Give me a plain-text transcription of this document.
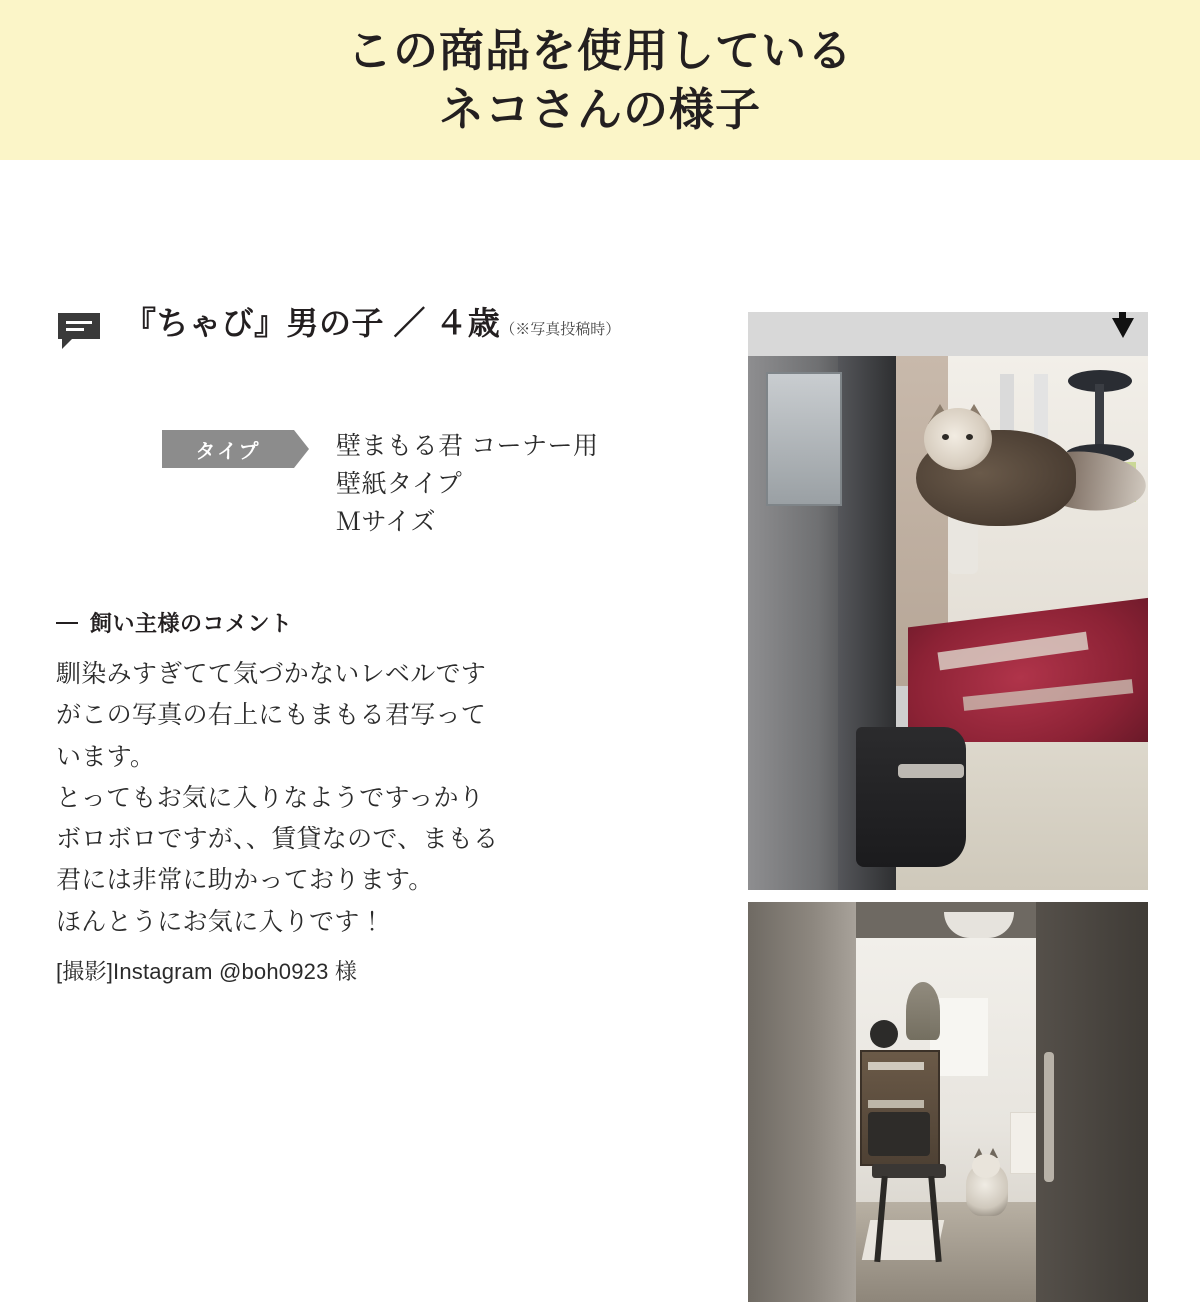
この商品を使用している
ネコさんの様子
『ちゃび』男の子 ／ ４歳（※写真投稿時）
タイプ	壁まもる君 コーナー用
壁紙タイプ
Ｍサイズ
飼い主様のコメント

馴染みすぎてて気づかないレベルです

がこの写真の右上にもまもる君写って

います。

とってもお気に入りなようですっかり

ボロボロですが、、賃貸なので、まもる

君には非常に助かっております。

ほんとうにお気に入りです！

[撮影]Instagram @boh0923 様
